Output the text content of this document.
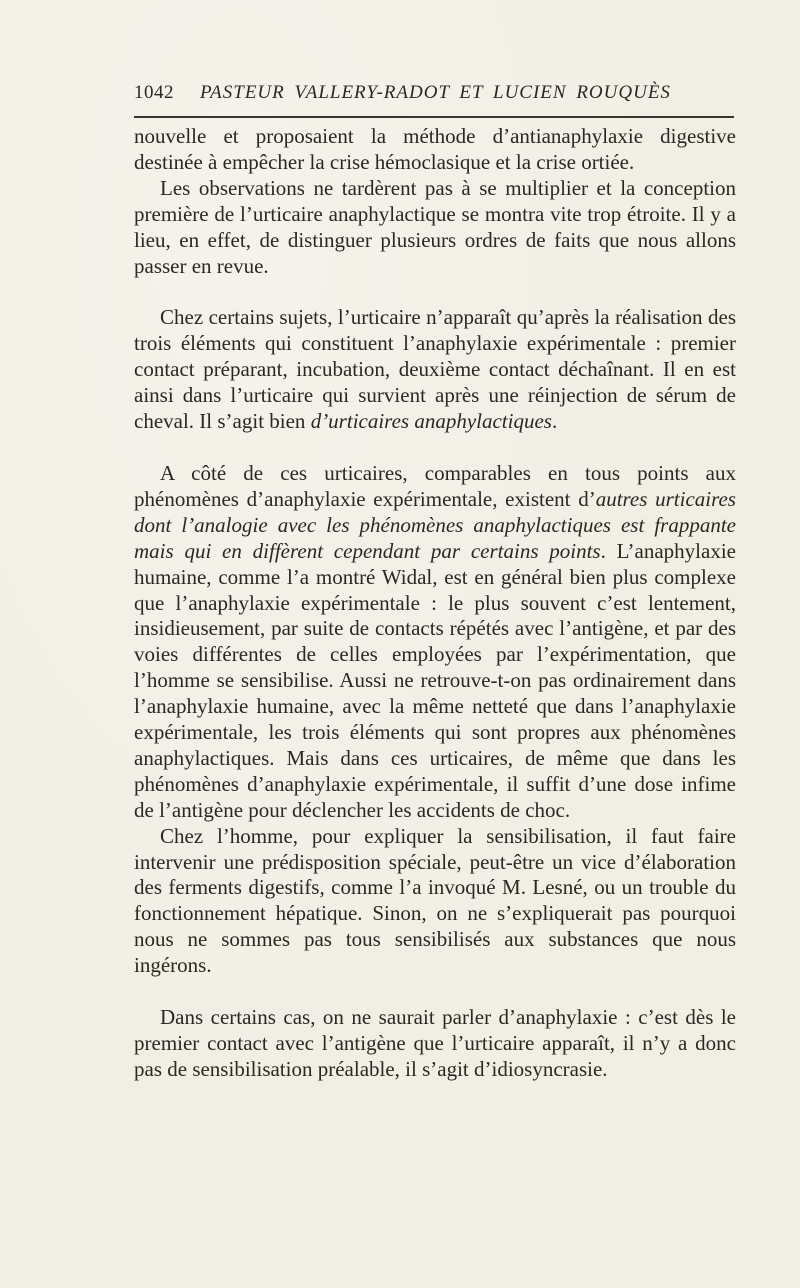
1042 PASTEUR VALLERY-RADOT ET LUCIEN ROUQUÈS

nouvelle et proposaient la méthode d’antianaphylaxie digestive destinée à empêcher la crise hémoclasique et la crise ortiée.

Les observations ne tardèrent pas à se multiplier et la conception première de l’urticaire anaphylactique se montra vite trop étroite. Il y a lieu, en effet, de distinguer plusieurs ordres de faits que nous allons passer en revue.

Chez certains sujets, l’urticaire n’apparaît qu’après la réalisation des trois éléments qui constituent l’anaphylaxie expérimentale : premier contact préparant, incubation, deuxième contact déchaînant. Il en est ainsi dans l’urticaire qui survient après une réinjection de sérum de cheval. Il s’agit bien d’urticaires anaphylactiques.

A côté de ces urticaires, comparables en tous points aux phénomènes d’anaphylaxie expérimentale, existent d’autres urticaires dont l’analogie avec les phénomènes anaphylactiques est frappante mais qui en diffèrent cependant par certains points. L’anaphylaxie humaine, comme l’a montré Widal, est en général bien plus complexe que l’anaphylaxie expérimentale : le plus souvent c’est lentement, insidieusement, par suite de contacts répétés avec l’antigène, et par des voies différentes de celles employées par l’expérimentation, que l’homme se sensibilise. Aussi ne retrouve-t-on pas ordinairement dans l’anaphylaxie humaine, avec la même netteté que dans l’anaphylaxie expérimentale, les trois éléments qui sont propres aux phénomènes anaphylactiques. Mais dans ces urticaires, de même que dans les phénomènes d’anaphylaxie expérimentale, il suffit d’une dose infime de l’antigène pour déclencher les accidents de choc.

Chez l’homme, pour expliquer la sensibilisation, il faut faire intervenir une prédisposition spéciale, peut-être un vice d’élaboration des ferments digestifs, comme l’a invoqué M. Lesné, ou un trouble du fonctionnement hépatique. Sinon, on ne s’expliquerait pas pourquoi nous ne sommes pas tous sensibilisés aux substances que nous ingérons.

Dans certains cas, on ne saurait parler d’anaphylaxie : c’est dès le premier contact avec l’antigène que l’urticaire apparaît, il n’y a donc pas de sensibilisation préalable, il s’agit d’idiosyncrasie.
